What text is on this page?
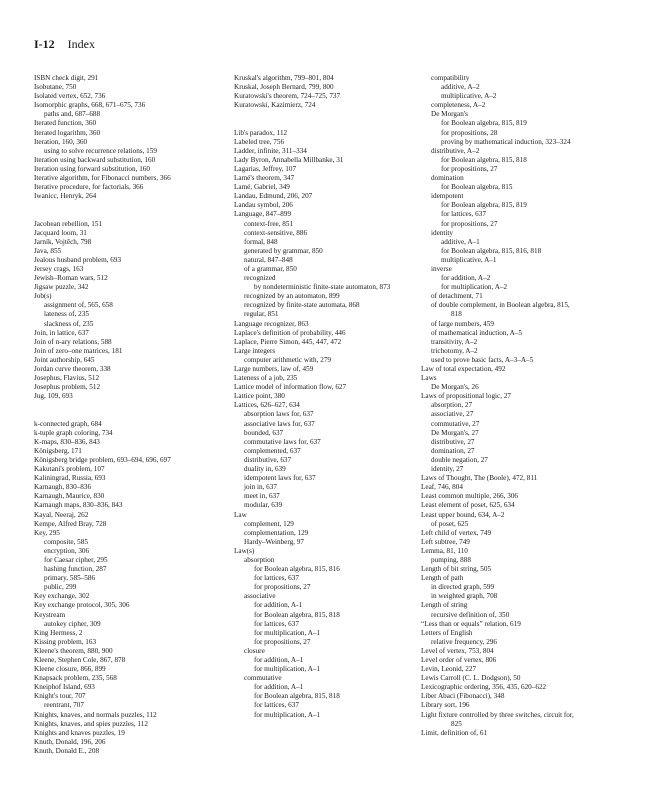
I-12 Index
ISBN check digit, 291
Isobutane, 750
Isolated vertex, 652, 736
Isomorphic graphs, 668, 671–675, 736
paths and, 687–688
Iterated function, 360
Iterated logarithm, 360
Iteration, 160, 360
using to solve recurrence relations, 159
Iteration using backward substitution, 160
Iteration using forward substitution, 160
Iterative algorithm, for Fibonacci numbers, 366
Iterative procedure, for factorials, 366
Iwanicc, Henryk, 264
Jacobean rebellion, 151
Jacquard loom, 31
Jarník, Vojtěch, 798
Java, 855
Jealous husband problem, 693
Jersey crags, 163
Jewish–Roman wars, 512
Jigsaw puzzle, 342
Job(s)
assignment of, 565, 658
lateness of, 235
slackness of, 235
Join, in lattice, 637
Join of n-ary relations, 588
Join of zero–one matrices, 181
Joint authorship, 645
Jordan curve theorem, 338
Josephus, Flavius, 512
Josephus problem, 512
Jug, 109, 693
k-connected graph, 684
k-tuple graph coloring, 734
K-maps, 830–836, 843
Königsberg, 171
Königsberg bridge problem, 693–694, 696, 697
Kakutani's problem, 107
Kaliningrad, Russia, 693
Karnaugh, 830–836
Karnaugh, Maurice, 830
Karnaugh maps, 830–836, 843
Kayal, Neeraj, 262
Kempe, Alfred Bray, 728
Key, 295
composite, 585
encryption, 306
for Caesar cipher, 295
hashing function, 287
primary, 585–586
public, 299
Key exchange, 302
Key exchange protocol, 305, 306
Keystream
autokey cipher, 309
King Hermess, 2
Kissing problem, 163
Kleene's theorem, 880, 900
Kleene, Stephen Cole, 867, 878
Kleene closure, 866, 899
Knapsack problem, 235, 568
Kneiphof Island, 693
Knight's tour, 707
reentrant, 707
Knights, knaves, and normals puzzles, 112
Knights, knaves, and spies puzzles, 112
Knights and knaves puzzles, 19
Knuth, Donald, 196, 206
Knuth, Donald E., 208
Kruskal's algorithm, 799–801, 804
Kruskal, Joseph Bernard, 799, 800
Kuratowski's theorem, 724–725, 737
Kuratowski, Kazimierz, 724
Lib's paradox, 112
Labeled tree, 756
Ladder, infinite, 311–334
Lady Byron, Annabella Millbanke, 31
Lagarias, Jeffrey, 107
Lamé's theorem, 347
Lamé, Gabriel, 349
Landau, Edmund, 206, 207
Landau symbol, 206
Language, 847–899
context-free, 851
context-sensitive, 886
formal, 848
generated by grammar, 850
natural, 847–848
of a grammar, 850
recognized
by nondeterministic finite-state automaton, 873
recognized by an automaton, 899
recognized by finite-state automata, 868
regular, 851
Language recognizer, 863
Laplace's definition of probability, 446
Laplace, Pierre Simon, 445, 447, 472
Large integers
computer arithmetic with, 279
Large numbers, law of, 459
Lateness of a job, 235
Lattice model of information flow, 627
Lattice point, 380
Lattices, 626–627, 634
absorption laws for, 637
associative laws for, 637
bounded, 637
commutative laws for, 637
complemented, 637
distributive, 637
duality in, 639
idempotent laws for, 637
join in, 637
meet in, 637
modular, 639
Law
complement, 129
complementation, 129
Hardy–Weinberg, 97
Law(s)
absorption
for Boolean algebra, 815, 816
for lattices, 637
for propositions, 27
associative
for addition, A-1
for Boolean algebra, 815, 818
for lattices, 637
for multiplication, A–1
for propositions, 27
closure
for addition, A–1
for multiplication, A–1
commutative
for addition, A–1
for Boolean algebra, 815, 818
for lattices, 637
for multiplication, A–1
compatibility
additive, A–2
multiplicative, A–2
completeness, A–2
De Morgan's
for Boolean algebra, 815, 819
for propositions, 28
proving by mathematical induction, 323–324
distributive, A–2
for Boolean algebra, 815, 818
for propositions, 27
domination
for Boolean algebra, 815
idempotent
for Boolean algebra, 815, 819
for lattices, 637
for propositions, 27
identity
additive, A–1
for Boolean algebra, 815, 816, 818
multiplicative, A–1
inverse
for addition, A–2
for multiplication, A–2
of detachment, 71
of double complement, in Boolean algebra, 815,
818
of large numbers, 459
of mathematical induction, A–5
transitivity, A–2
trichotomy, A–2
used to prove basic facts, A–3–A–5
Law of total expectation, 492
Laws
De Morgan's, 26
Laws of propositional logic, 27
absorption, 27
associative, 27
commutative, 27
De Morgan's, 27
distributive, 27
domination, 27
double negation, 27
identity, 27
Laws of Thought, The (Boole), 472, 811
Leaf, 746, 804
Least common multiple, 266, 306
Least element of poset, 625, 634
Least upper bound, 634, A–2
of poset, 625
Left child of vertex, 749
Left subtree, 749
Lemma, 81, 110
pumping, 888
Length of bit string, 505
Length of path
in directed graph, 599
in weighted graph, 708
Length of string
recursive definition of, 350
“Less than or equals” relation, 619
Letters of English
relative frequency, 296
Level of vertex, 753, 804
Level order of vertex, 806
Levin, Leonid, 227
Lewis Carroll (C. L. Dodgson), 50
Lexicographic ordering, 356, 435, 620–622
Liber Abaci (Fibonacci), 348
Library sort, 196
Light fixture controlled by three switches, circuit for,
825
Limit, definition of, 61
